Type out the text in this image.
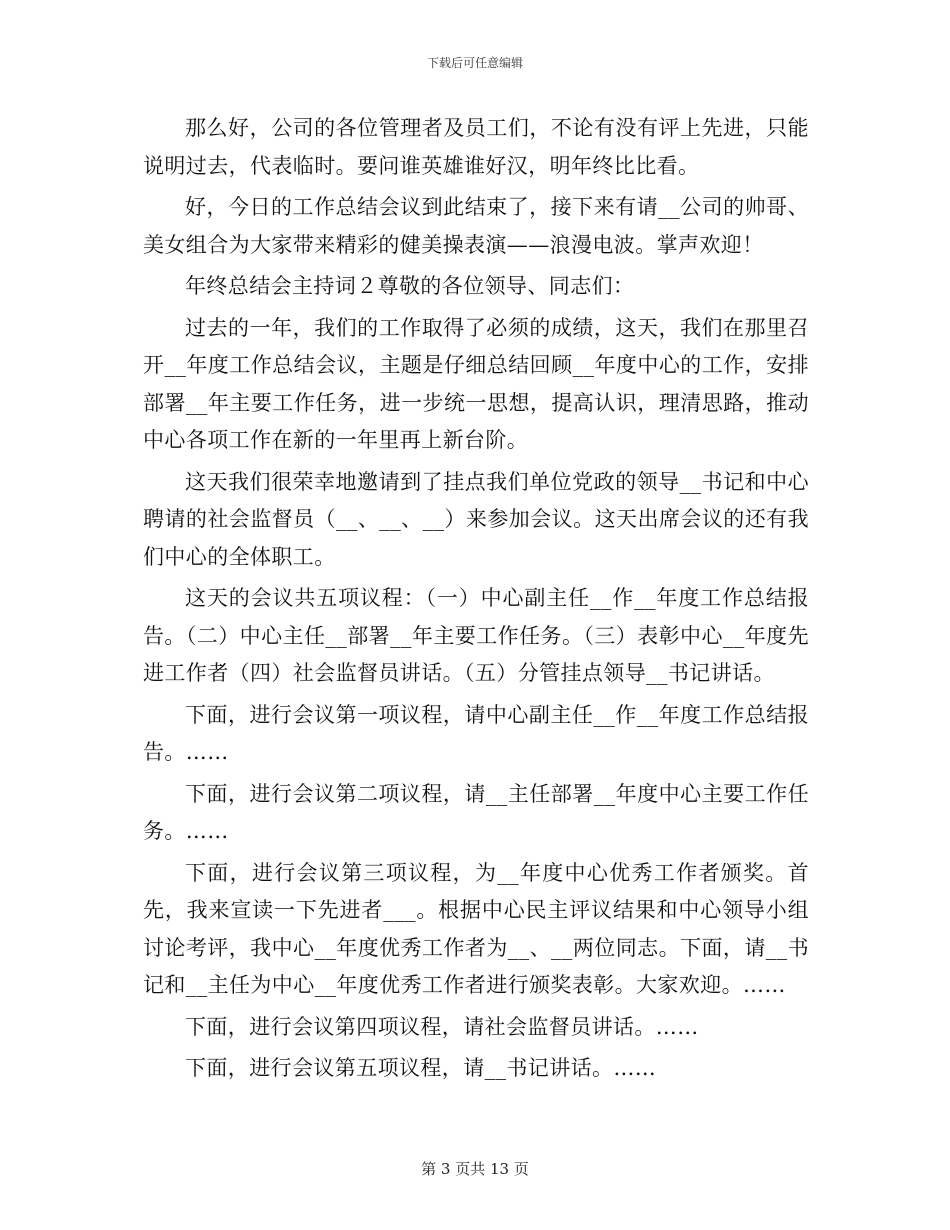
下载后可任意编辑

那么好，公司的各位管理者及员工们，不论有没有评上先进，只能说明过去，代表临时。要问谁英雄谁好汉，明年终比比看。

好，今日的工作总结会议到此结束了，接下来有请__公司的帅哥、美女组合为大家带来精彩的健美操表演——浪漫电波。掌声欢迎！

年终总结会主持词２尊敬的各位领导、同志们：

过去的一年，我们的工作取得了必须的成绩，这天，我们在那里召开__年度工作总结会议，主题是仔细总结回顾__年度中心的工作，安排部署__年主要工作任务，进一步统一思想，提高认识，理清思路，推动中心各项工作在新的一年里再上新台阶。

这天我们很荣幸地邀请到了挂点我们单位党政的领导__书记和中心聘请的社会监督员（__、__、__）来参加会议。这天出席会议的还有我们中心的全体职工。

这天的会议共五项议程：（一）中心副主任__作__年度工作总结报告。（二）中心主任__部署__年主要工作任务。（三）表彰中心__年度先进工作者（四）社会监督员讲话。（五）分管挂点领导__书记讲话。

下面，进行会议第一项议程，请中心副主任__作__年度工作总结报告。……

下面，进行会议第二项议程，请__主任部署__年度中心主要工作任务。……

下面，进行会议第三项议程，为__年度中心优秀工作者颁奖。首先，我来宣读一下先进者___。根据中心民主评议结果和中心领导小组讨论考评，我中心__年度优秀工作者为__、__两位同志。下面，请__书记和__主任为中心__年度优秀工作者进行颁奖表彰。大家欢迎。……

下面，进行会议第四项议程，请社会监督员讲话。……

下面，进行会议第五项议程，请__书记讲话。……

第 3 页共 13 页
